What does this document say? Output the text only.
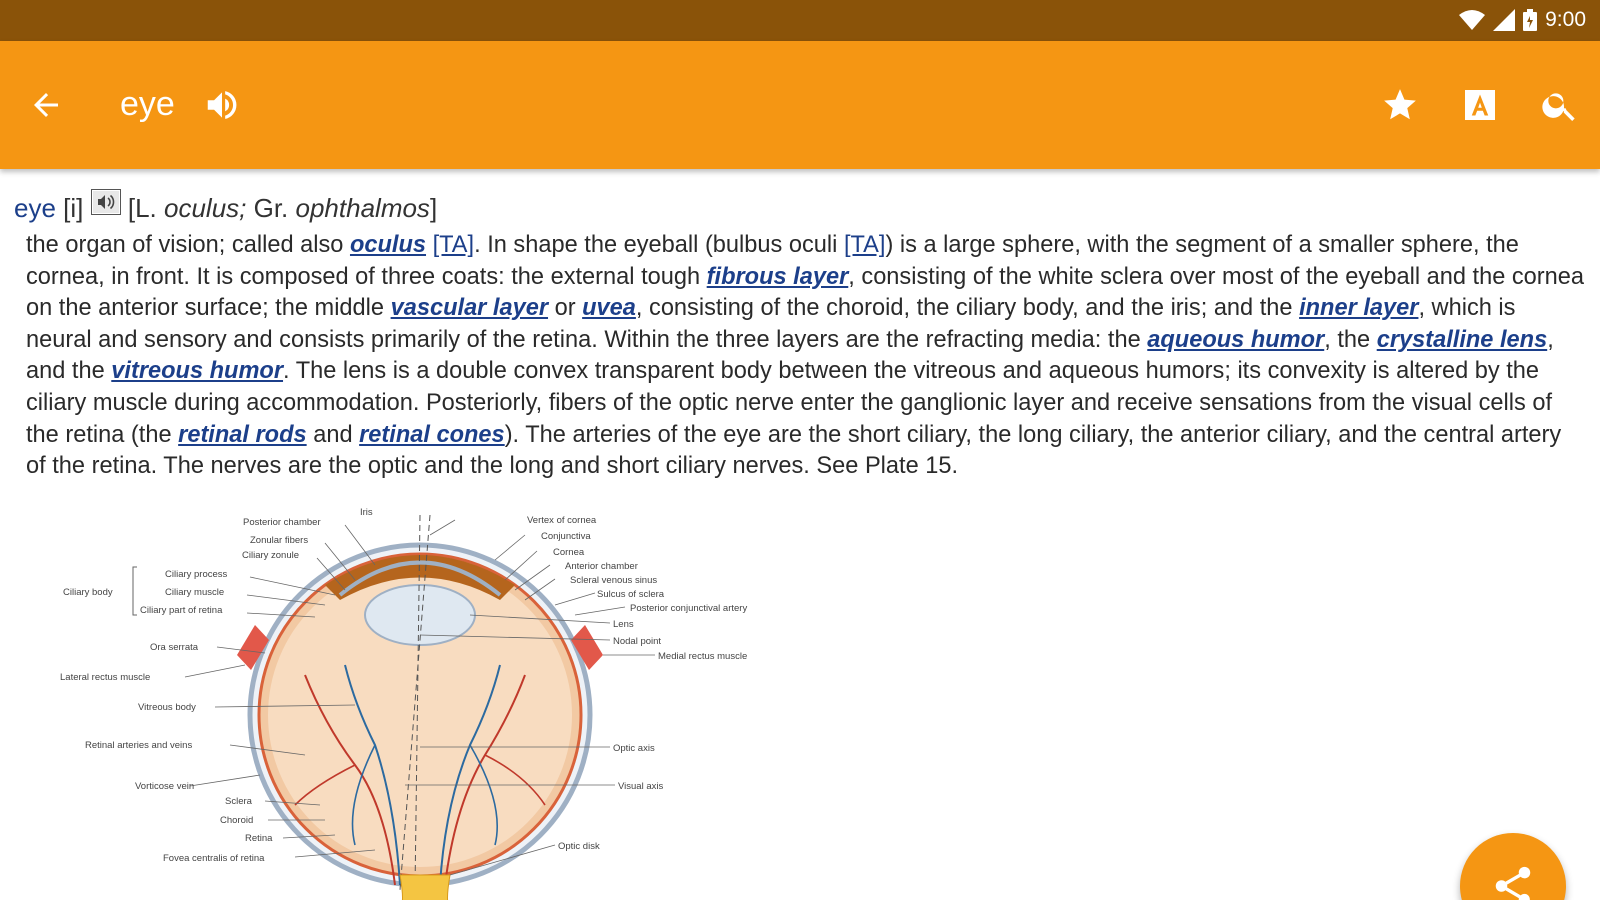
9:00
eye
eye [i] [L. oculus; Gr. ophthalmos]
the organ of vision; called also oculus [TA]. In shape the eyeball (bulbus oculi [TA]) is a large sphere, with the segment of a smaller sphere, the cornea, in front. It is composed of three coats: the external tough fibrous layer, consisting of the white sclera over most of the eyeball and the cornea on the anterior surface; the middle vascular layer or uvea, consisting of the choroid, the ciliary body, and the iris; and the inner layer, which is neural and sensory and consists primarily of the retina. Within the three layers are the refracting media: the aqueous humor, the crystalline lens, and the vitreous humor. The lens is a double convex transparent body between the vitreous and aqueous humors; its convexity is altered by the ciliary muscle during accommodation. Posteriorly, fibers of the optic nerve enter the ganglionic layer and receive sensations from the visual cells of the retina (the retinal rods and retinal cones). The arteries of the eye are the short ciliary, the long ciliary, the anterior ciliary, and the central artery of the retina. The nerves are the optic and the long and short ciliary nerves. See Plate 15.
Iris
Posterior chamber
Zonular fibers
Ciliary zonule
Ciliary body
Ciliary process
Ciliary muscle
Ciliary part of retina
Ora serrata
Lateral rectus muscle
Vitreous body
Retinal arteries and veins
Vorticose vein
Sclera
Choroid
Retina
Fovea centralis of retina
Vertex of cornea
Conjunctiva
Cornea
Anterior chamber
Scleral venous sinus
Sulcus of sclera
Posterior conjunctival artery
Lens
Nodal point
Medial rectus muscle
Optic axis
Visual axis
Optic disk
